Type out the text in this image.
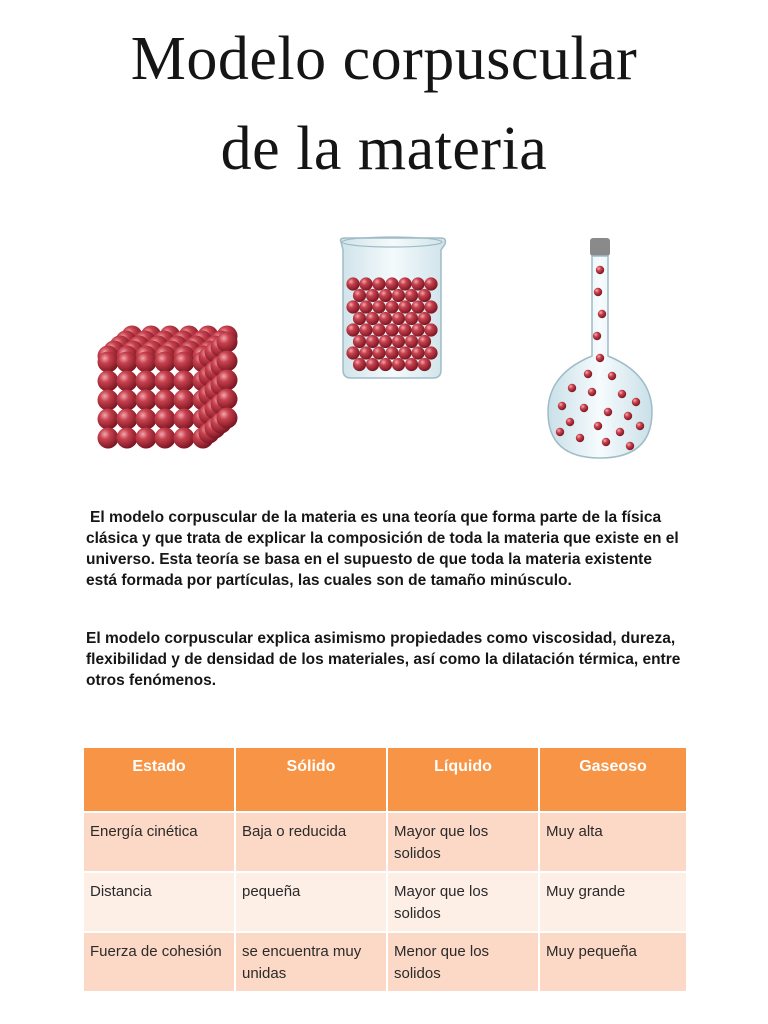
Modelo corpuscular
de la materia

El modelo corpuscular de la materia es una teoría que forma parte de la física clásica y que trata de explicar la composición de toda la materia que existe en el universo. Esta teoría se basa en el supuesto de que toda la materia existente está formada por partículas, las cuales son de tamaño minúsculo.

El modelo corpuscular explica asimismo propiedades como viscosidad, dureza, flexibilidad y de densidad de los materiales, así como la dilatación térmica, entre otros fenómenos.

Estado	Sólido	Líquido	Gaseoso
Energía cinética	Baja o reducida	Mayor que los solidos	Muy alta
Distancia	pequeña	Mayor que los solidos	Muy grande
Fuerza de cohesión	se encuentra muy unidas	Menor que los solidos	Muy pequeña
